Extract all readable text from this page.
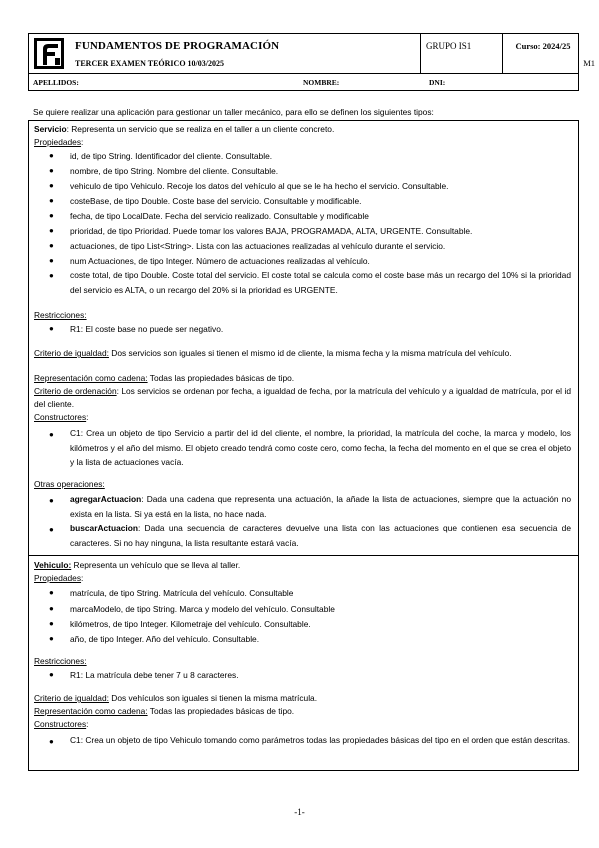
FUNDAMENTOS DE PROGRAMACIÓN
TERCER EXAMEN TEÓRICO 10/03/2025
GRUPO IS1	Curso: 2024/25
M1
APELLIDOS:	NOMBRE:	DNI:
Se quiere realizar una aplicación para gestionar un taller mecánico, para ello se definen los siguientes tipos:
Servicio: Representa un servicio que se realiza en el taller a un cliente concreto.
Propiedades:
● id, de tipo String. Identificador del cliente. Consultable.
● nombre, de tipo String. Nombre del cliente. Consultable.
● vehiculo de tipo Vehiculo. Recoje los datos del vehículo al que se le ha hecho el servicio. Consultable.
● costeBase, de tipo Double. Coste base del servicio. Consultable y modificable.
● fecha, de tipo LocalDate. Fecha del servicio realizado. Consultable y modificable
● prioridad, de tipo Prioridad. Puede tomar los valores BAJA, PROGRAMADA, ALTA, URGENTE. Consultable.
● actuaciones, de tipo List<String>. Lista con las actuaciones realizadas al vehículo durante el servicio.
● num Actuaciones, de tipo Integer. Número de actuaciones realizadas al vehículo.
● coste total, de tipo Double. Coste total del servicio. El coste total se calcula como el coste base más un recargo del 10% si la prioridad del servicio es ALTA, o un recargo del 20% si la prioridad es URGENTE.
Restricciones:
● R1: El coste base no puede ser negativo.
Criterio de igualdad: Dos servicios son iguales si tienen el mismo id de cliente, la misma fecha y la misma matrícula del vehículo.
Representación como cadena: Todas las propiedades básicas de tipo.
Criterio de ordenación: Los servicios se ordenan por fecha, a igualdad de fecha, por la matrícula del vehículo y a igualdad de matrícula, por el id del cliente.
Constructores:
● C1: Crea un objeto de tipo Servicio a partir del id del cliente, el nombre, la prioridad, la matrícula del coche, la marca y modelo, los kilómetros y el año del mismo. El objeto creado tendrá como coste cero, como fecha, la fecha del momento en el que se crea el objeto y la lista de actuaciones vacía.
Otras operaciones:
● agregarActuacion: Dada una cadena que representa una actuación, la añade la lista de actuaciones, siempre que la actuación no exista en la lista. Si ya está en la lista, no hace nada.
● buscarActuacion: Dada una secuencia de caracteres devuelve una lista con las actuaciones que contienen esa secuencia de caracteres. Si no hay ninguna, la lista resultante estará vacía.
Vehiculo: Representa un vehículo que se lleva al taller.
Propiedades:
● matrícula, de tipo String. Matrícula del vehículo. Consultable
● marcaModelo, de tipo String. Marca y modelo del vehículo. Consultable
● kilómetros, de tipo Integer. Kilometraje del vehículo. Consultable.
● año, de tipo Integer. Año del vehículo. Consultable.
Restricciones:
● R1: La matrícula debe tener 7 u 8 caracteres.
Criterio de igualdad: Dos vehículos son iguales si tienen la misma matrícula.
Representación como cadena: Todas las propiedades básicas de tipo.
Constructores:
● C1: Crea un objeto de tipo Vehiculo tomando como parámetros todas las propiedades básicas del tipo en el orden que están descritas.
-1-
